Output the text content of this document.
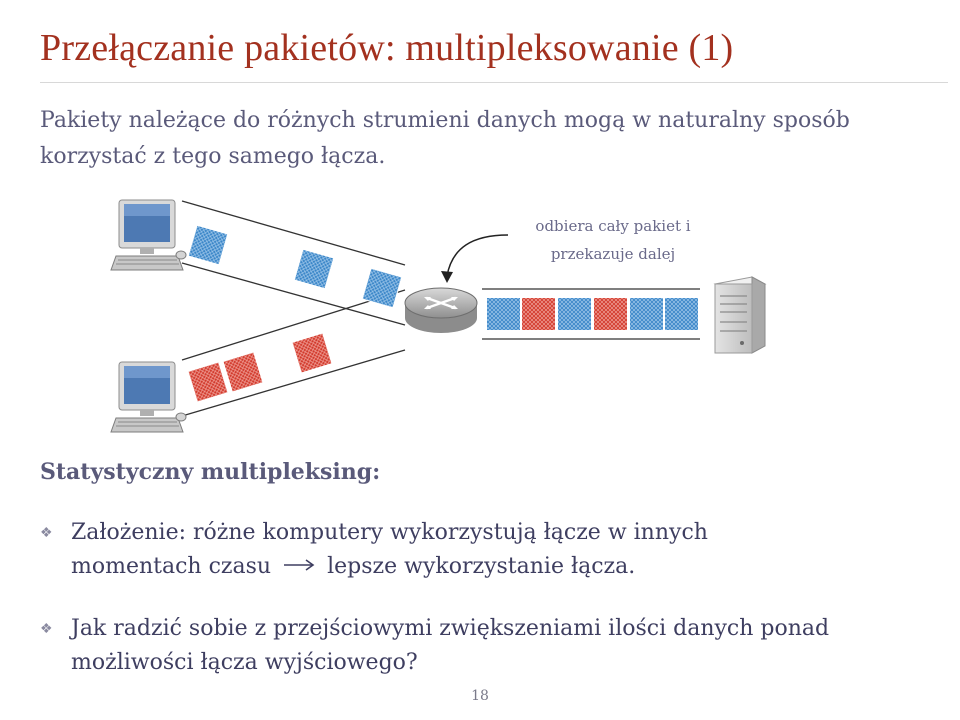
Przełączanie pakietów: multipleksowanie (1)
Pakiety należące do różnych strumieni danych mogą w naturalny sposób korzystać z tego samego łącza.
odbiera cały pakiet i
przekazuje dalej
Statystyczny multipleksing:
❖ Założenie: różne komputery wykorzystują łącze w innych
momentach czasu	lepsze wykorzystanie łącza.
❖ Jak radzić sobie z przejściowymi zwiększeniami ilości danych ponad możliwości łącza wyjściowego?
18
